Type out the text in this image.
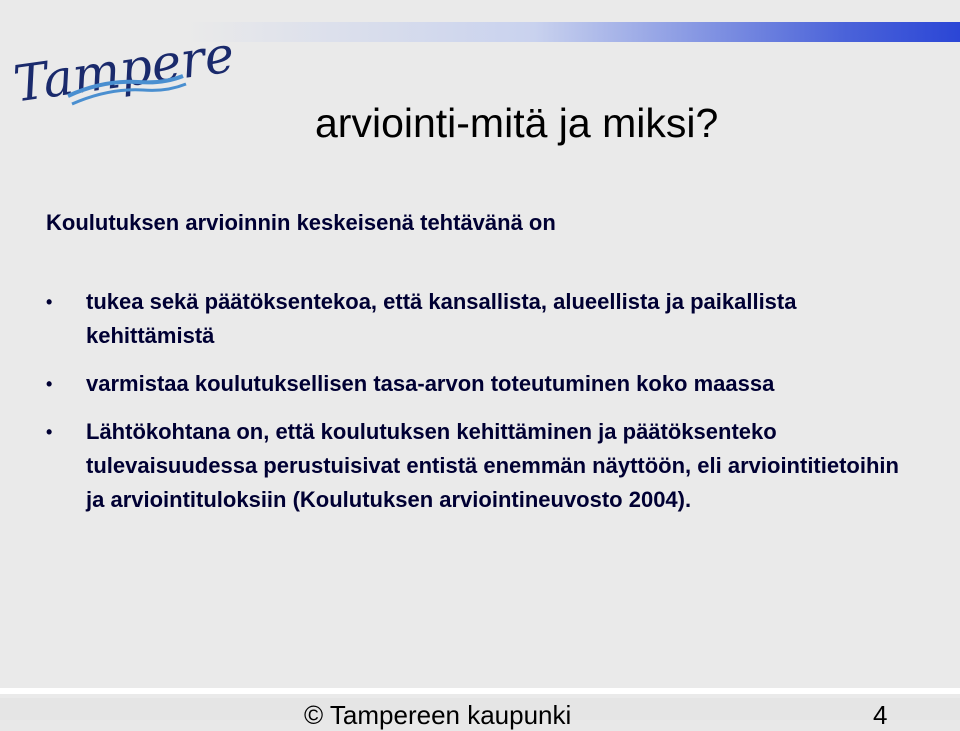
Tampere
arviointi-mitä ja miksi?
Koulutuksen arvioinnin keskeisenä tehtävänä on
• tukea sekä päätöksentekoa, että kansallista, alueellista ja paikallista kehittämistä
• varmistaa koulutuksellisen tasa-arvon toteutuminen koko maassa
• Lähtökohtana on, että koulutuksen kehittäminen ja päätöksenteko tulevaisuudessa perustuisivat entistä enemmän näyttöön, eli arviointitietoihin ja arviointituloksiin (Koulutuksen arviointineuvosto 2004).
© Tampereen kaupunki	4
